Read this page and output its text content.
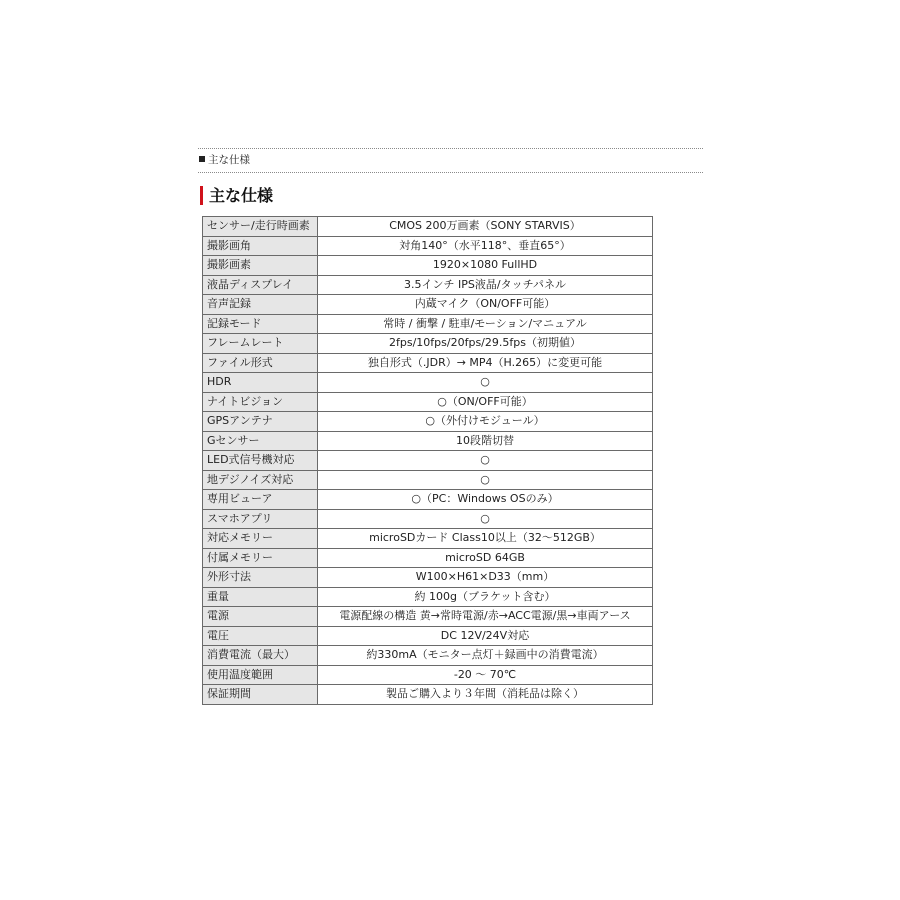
主な仕様
主な仕様
センサー/走行時画素	CMOS 200万画素（SONY STARVIS）
撮影画角	対角140°（水平118°、垂直65°）
撮影画素	1920×1080 FullHD
液晶ディスプレイ	3.5インチ IPS液晶/タッチパネル
音声記録	内蔵マイク（ON/OFF可能）
記録モード	常時 / 衝撃 / 駐車/モーション/マニュアル
フレームレート	2fps/10fps/20fps/29.5fps（初期値）
ファイル形式	独自形式（.JDR）→ MP4（H.265）に変更可能
HDR	○
ナイトビジョン	○（ON/OFF可能）
GPSアンテナ	○（外付けモジュール）
Gセンサー	10段階切替
LED式信号機対応	○
地デジノイズ対応	○
専用ビューア	○（PC：Windows OSのみ）
スマホアプリ	○
対応メモリー	microSDカード Class10以上（32〜512GB）
付属メモリー	microSD 64GB
外形寸法	W100×H61×D33（mm）
重量	約 100g（ブラケット含む）
電源	電源配線の構造 黄→常時電源/赤→ACC電源/黒→車両アース
電圧	DC 12V/24V対応
消費電流（最大）	約330mA（モニター点灯＋録画中の消費電流）
使用温度範囲	-20 〜 70℃
保証期間	製品ご購入より３年間（消耗品は除く）
